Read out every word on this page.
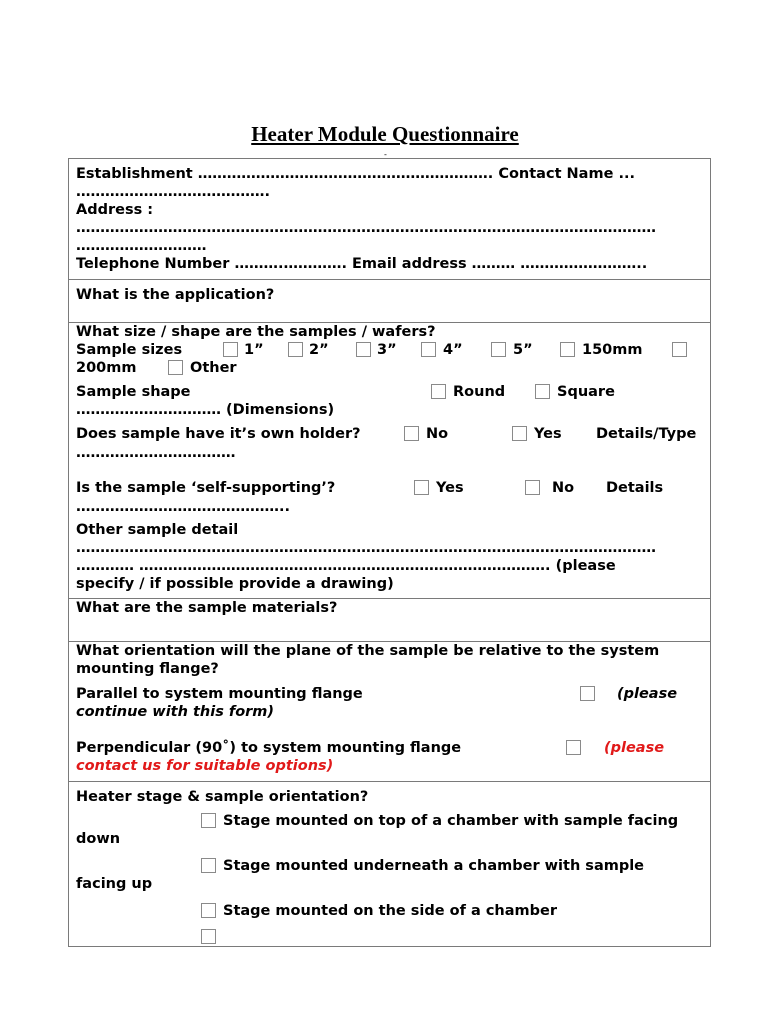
Heater Module Questionnaire
-
Establishment ……………………………………………………. Contact Name ...
………………………………….
Address :
…………………………………………………………………………………………………………
………………………
Telephone Number ……….…………. Email address ……… ……………………..
What is the application?
What size / shape are the samples / wafers?
Sample sizes	1”	2”	3”	4”	5”	150mm
200mm	Other
Sample shape	Round	Square
………………………… (Dimensions)
Does sample have it’s own holder?	No	Yes Details/Type
……………………………
Is the sample ‘self-supporting’?	Yes	No Details
……………………………………..
Other sample detail
…………………………………………………………………………………………………………
………… …………………………………………………………………………. (please
specify / if possible provide a drawing)
What are the sample materials?
What orientation will the plane of the sample be relative to the system
mounting flange?
Parallel to system mounting flange	(please
continue with this form)
Perpendicular (90˚) to system mounting flange	(please
contact us for suitable options)
Heater stage & sample orientation?
Stage mounted on top of a chamber with sample facing
down
Stage mounted underneath a chamber with sample
facing up
Stage mounted on the side of a chamber
